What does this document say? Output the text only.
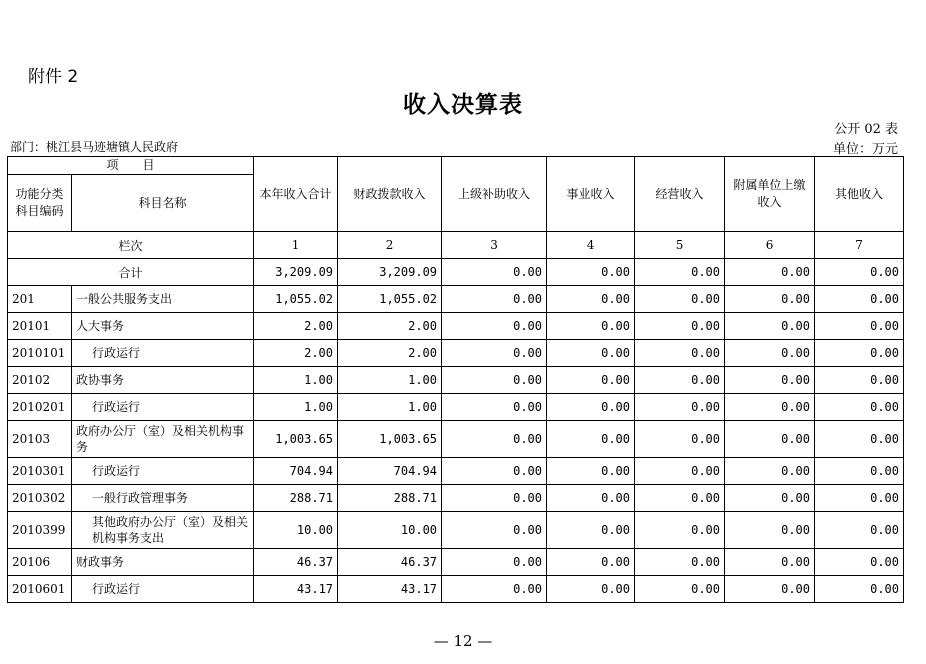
附件 2
收入决算表
公开 02 表
部门：桃江县马迹塘镇人民政府	单位：万元
项　　目		本年收入合计	财政拨款收入	上级补助收入	事业收入	经营收入	附属单位上缴收入	其他收入
功能分类科目编码	科目名称							
栏次		1	2	3	4	5	6	7
合计		3,209.09	3,209.09	0.00	0.00	0.00	0.00	0.00
201	一般公共服务支出	1,055.02	1,055.02	0.00	0.00	0.00	0.00	0.00
20101	人大事务	2.00	2.00	0.00	0.00	0.00	0.00	0.00
2010101	行政运行	2.00	2.00	0.00	0.00	0.00	0.00	0.00
20102	政协事务	1.00	1.00	0.00	0.00	0.00	0.00	0.00
2010201	行政运行	1.00	1.00	0.00	0.00	0.00	0.00	0.00
20103	政府办公厅（室）及相关机构事务	1,003.65	1,003.65	0.00	0.00	0.00	0.00	0.00
2010301	行政运行	704.94	704.94	0.00	0.00	0.00	0.00	0.00
2010302	一般行政管理事务	288.71	288.71	0.00	0.00	0.00	0.00	0.00
2010399	其他政府办公厅（室）及相关机构事务支出	10.00	10.00	0.00	0.00	0.00	0.00	0.00
20106	财政事务	46.37	46.37	0.00	0.00	0.00	0.00	0.00
2010601	行政运行	43.17	43.17	0.00	0.00	0.00	0.00	0.00
— 12 —
